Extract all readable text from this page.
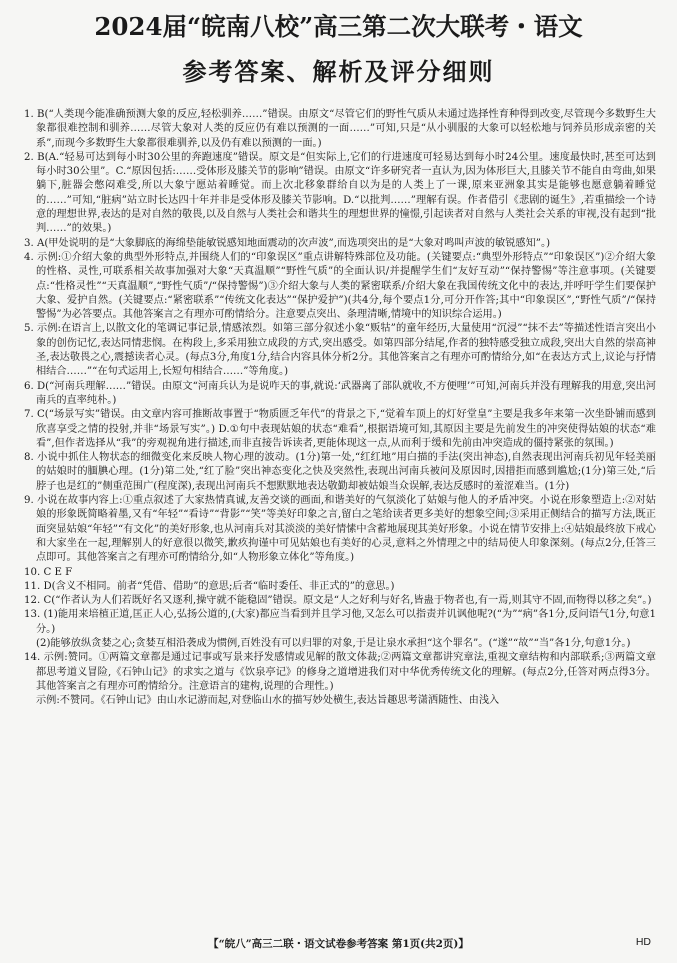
2024届“皖南八校”高三第二次大联考・语文
参考答案、解析及评分细则

1. B(“人类现今能准确预测大象的反应,轻松驯养……”错误。由原文“尽管它们的野性气质从未通过选择性育种得到改变,尽管现今多数野生大象都很难控制和驯养……尽管大象对人类的反应仍有难以预测的一面……”可知,只是“从小驯服的大象可以轻松地与饲养员形成亲密的关系”,而现今多数野生大象都很难驯养,以及仍有难以预测的一面。)

2. B(A.“轻易可达到每小时30公里的奔跑速度”错误。原文是“但实际上,它们的行进速度可轻易达到每小时24公里。速度最快时,甚至可达到每小时30公里”。C.“原因包括:……受体形及膝关节的影响”错误。由原文“许多研究者一直认为,因为体形巨大,且膝关节不能自由弯曲,如果躺下,脏器会憋闷难受,所以大象宁愿站着睡觉。而上次北移象群给自以为是的人类上了一课,原来亚洲象其实是能够也愿意躺着睡觉的……”可知,“脏病”站立时长达四十年并非是受体形及膝关节影响。D.“以批判……”理解有误。作者借引《悲剧的诞生》,若重描绘一个诗意的理想世界,表达的是对自然的敬畏,以及自然与人类社会和谐共生的理想世界的憧憬,引起读者对自然与人类社会关系的审视,没有起到“批判……”的效果。)

3. A(甲处说明的是“大象脚底的海绵垫能敏锐感知地面震动的次声波”,而选项突出的是“大象对鸣叫声波的敏锐感知”。)

4. 示例:①介绍大象的典型外形特点,并围绕人们的“印象误区”重点讲解特殊部位及功能。(关键要点:“典型外形特点”“印象误区”)②介绍大象的性格、灵性,可联系相关故事加强对大象“天真温顺”“野性气质”的全面认识/并提醒学生们“友好互动”“保持警惕”等注意事项。(关键要点:“性格灵性”“天真温顺”,“野性气质”/“保持警惕”)③介绍大象与人类的紧密联系/介绍大象在我国传统文化中的表达,并呼吁学生们要保护大象、爱护自然。(关键要点:“紧密联系”“传统文化表达”“保护爱护”)(共4分,每个要点1分,可分开作答;其中“印象误区”,“野性气质”/“保持警惕”为必答要点。其他答案言之有理亦可酌情给分。注意要点突出、条理清晰,情境中的知识综合运用。)

5. 示例:在语言上,以散文化的笔调记事记景,情感浓烈。如第三部分叙述小象“贩牯”的童年经历,大量使用“沉浸”“抹不去”等描述性语言突出小象的创伤记忆,表达同情悲悯。在构段上,多采用独立成段的方式,突出感受。如第四部分结尾,作者的独特感受独立成段,突出大自然的崇高神圣,表达敬畏之心,震撼读者心灵。(每点3分,角度1分,结合内容具体分析2分。其他答案言之有理亦可酌情给分,如“在表达方式上,议论与抒情相结合……”“在句式运用上,长短句相结合……”等角度。)

6. D(“河南兵理解……”错误。由原文“河南兵认为是说咋天的事,就说:‘武器离了部队就收,不方便哩’”可知,河南兵并没有理解我的用意,突出河南兵的直率纯朴。)

7. C(“场景写实”错误。由文章内容可推断故事置于“物质匮乏年代”的背景之下,“觉着车顶上的灯好堂皇”主要是我多年来第一次坐卧铺而感到欣喜享受之情的投射,并非“场景写实”。) D.①句中表现姑娘的状态“难看”,根据语境可知,其原因主要是先前发生的冲突使得姑娘的状态“难看”,但作者选择从“我”的旁观视角进行描述,而非直接告诉读者,更能体现这一点,从而利于缓和先前由冲突造成的僵持紧张的氛围。)

8. 小说中抓住人物状态的细微变化来反映人物心理的波动。(1分)第一处,“红红地”用白描的手法(突出神态),自然表现出河南兵初见年轻美丽的姑娘时的腼腆心理。(1分)第二处,“红了脸”突出神态变化之快及突然性,表现出河南兵被问及原因时,因措拒而感到尴尬;(1分)第三处,“后脖子也是红的”侧重范围广(程度深),表现出河南兵不想默默地表达敬勤却被姑娘当众误解,表达反感时的羞涩难当。(1分)

9. 小说在故事内容上:①重点叙述了大家热情真诚,友善交谈的画面,和谐美好的气氛淡化了姑娘与他人的矛盾冲突。小说在形象塑造上:②对姑娘的形象既简略着墨,又有“年轻”“看诗”“背影”“笑”等美好印象之言,留白之笔给读者更多美好的想象空间;③采用正侧结合的描写方法,既正面突显姑娘“年轻”“有文化”的美好形象,也从河南兵对其淡淡的美好情愫中含蓄地展现其美好形象。小说在情节安排上:④姑娘最终放下戒心和大家坐在一起,理解别人的好意很以微笑,歉疚拘谨中可见姑娘也有美好的心灵,意料之外情理之中的结局使人印象深刻。(每点2分,任答三点即可。其他答案言之有理亦可酌情给分,如“人物形象立体化”等角度。)

10. C E F

11. D(含义不相同。前者“凭借、借助”的意思;后者“临时委任、非正式的”的意思。)

12. C(“作者认为人们若既好名又逐利,操守就不能稳固”错误。原文是“人之好利与好名,皆蛊于物者也,有一焉,则其守不固,而物得以移之矣”。)

13. (1)能用来培植正道,匡正人心,弘扬公道的,(大家)都应当看到并且学习他,又怎么可以指责并讥讽他呢?(“为”“病”各1分,反问语气1分,句意1分。)

(2)能够放纵贪婪之心;贪婪互相沿袭成为惯例,百姓没有可以归罪的对象,于是让泉水承担“这个罪名”。(“遂”“故”“当”各1分,句意1分。)

14. 示例:赞同。①两篇文章都是通过记事或写景来抒发感情或见解的散文体裁;②两篇文章都讲究章法,重视文章结构和内部联系;③两篇文章都思考道义冒险,《石钟山记》的求实之道与《饮泉亭记》的修身之道增进我们对中华优秀传统文化的理解。(每点2分,任答对两点得3分。其他答案言之有理亦可酌情给分。注意语言的建构,说理的合理性。)

示例:不赞同。《石钟山记》由山水记游而起,对登临山水的描写妙处横生,表达旨趣思考潇洒随性、由浅入

【“皖八”高三二联・语文试卷参考答案 第1页(共2页)】	HD
